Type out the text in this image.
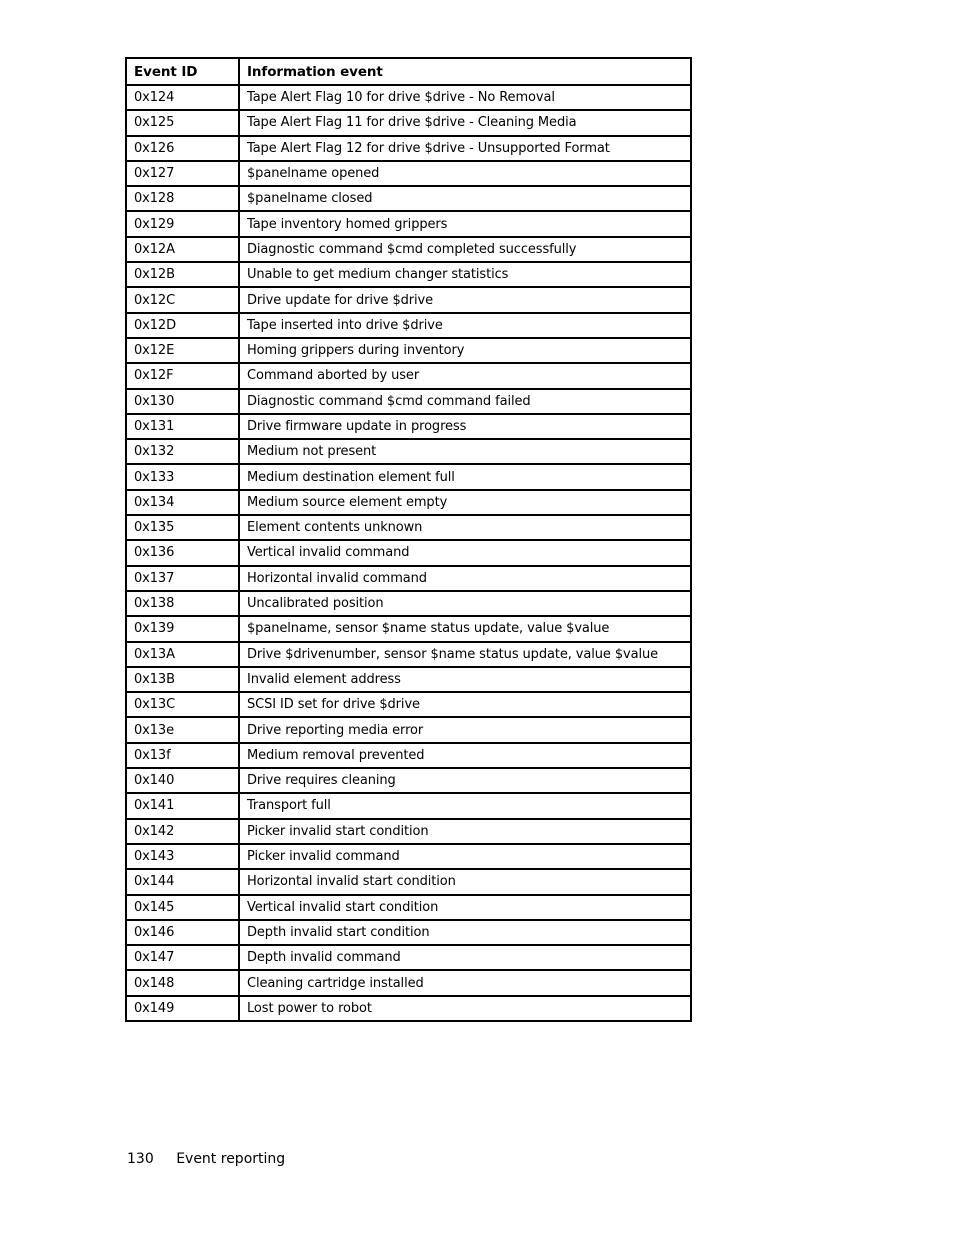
Event ID	Information event
0x124	Tape Alert Flag 10 for drive $drive - No Removal
0x125	Tape Alert Flag 11 for drive $drive - Cleaning Media
0x126	Tape Alert Flag 12 for drive $drive - Unsupported Format
0x127	$panelname opened
0x128	$panelname closed
0x129	Tape inventory homed grippers
0x12A	Diagnostic command $cmd completed successfully
0x12B	Unable to get medium changer statistics
0x12C	Drive update for drive $drive
0x12D	Tape inserted into drive $drive
0x12E	Homing grippers during inventory
0x12F	Command aborted by user
0x130	Diagnostic command $cmd command failed
0x131	Drive firmware update in progress
0x132	Medium not present
0x133	Medium destination element full
0x134	Medium source element empty
0x135	Element contents unknown
0x136	Vertical invalid command
0x137	Horizontal invalid command
0x138	Uncalibrated position
0x139	$panelname, sensor $name status update, value $value
0x13A	Drive $drivenumber, sensor $name status update, value $value
0x13B	Invalid element address
0x13C	SCSI ID set for drive $drive
0x13e	Drive reporting media error
0x13f	Medium removal prevented
0x140	Drive requires cleaning
0x141	Transport full
0x142	Picker invalid start condition
0x143	Picker invalid command
0x144	Horizontal invalid start condition
0x145	Vertical invalid start condition
0x146	Depth invalid start condition
0x147	Depth invalid command
0x148	Cleaning cartridge installed
0x149	Lost power to robot
130 Event reporting
